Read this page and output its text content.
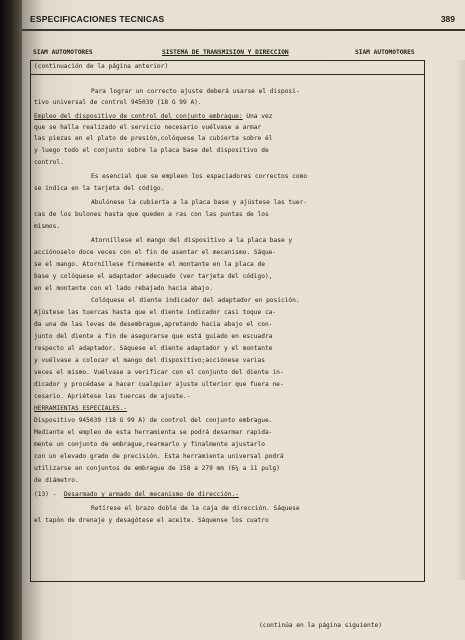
ESPECIFICACIONES TECNICAS	389
SIAM AUTOMOTORES	SISTEMA DE TRANSMISION Y DIRECCION	SIAM AUTOMOTORES
(continuación de la página anterior)
Para lograr un correcto ajuste deberá usarse el disposi-
tivo universal de control 945039 (18 G 99 A).
Empleo del dispositivo de control del conjunto embrague: Una vez
que se halla realizado el servicio necesario vuélvase a armar
las piezas en el plato de presión,colóquese la cubierta sobre él
y luego todo el conjunto sobre la placa base del dispositivo de
control.
Es esencial que se empleen los espaciadores correctos como
se indica en la tarjeta del código.
Abulónese la cubierta a la placa base y ajústese las tuer-
cas de los bulones hasta que queden a ras con las puntas de los
mismos.
Atorníllese el mango del dispositivo a la placa base y
acciónoselo doce veces con el fin de asentar el mecanismo. Sáque-
se el mango. Atorníllese firmemente el montante en la placa de
base y colóquese el adaptador adecuado (ver tarjeta del código),
en el montante con el lado rebajado hacia abajo.
Colóquese el diente indicador del adaptador en posición.
Ajústese las tuercas hasta que el diente indicador casi toque ca-
da una de las levas de desembrague,apretando hacia abajo el con-
junto del diente a fin de asegurarse que está guiado en escuadra
respecto al adaptador. Sáquese el diente adaptador y el montante
y vuélvase a colocar el mango del dispositivo;acciónese varias
veces el mismo. Vuélvase a verificar con el conjunto del diente in-
dicador y procédase a hacer cualquier ajuste ulterior que fuera ne-
cesario. Apriétese las tuercas de ajuste.-
HERRAMIENTAS ESPECIALES.-
Dispositivo 945039 (18 G 99 A) de control del conjunto embrague.
Mediante el empleo de esta herramienta se podrá desarmar rapida-
mente un conjunto de embrague,rearmarlo y finalmente ajustarlo
con un elevado grado de precisión. Esta herramienta universal podrá
utilizarse en conjuntos de embrague de 158 a 279 mm (6¼ a 11 pulg)
de diámetro.
(13) -  Desarmado y armado del mecanismo de dirección.-
Retírese el brazo doble de la caja de dirección. Sáquese
el tapón de drenaje y desagótese el aceite. Sáquense los cuatro
(continúa en la página siguiente)
